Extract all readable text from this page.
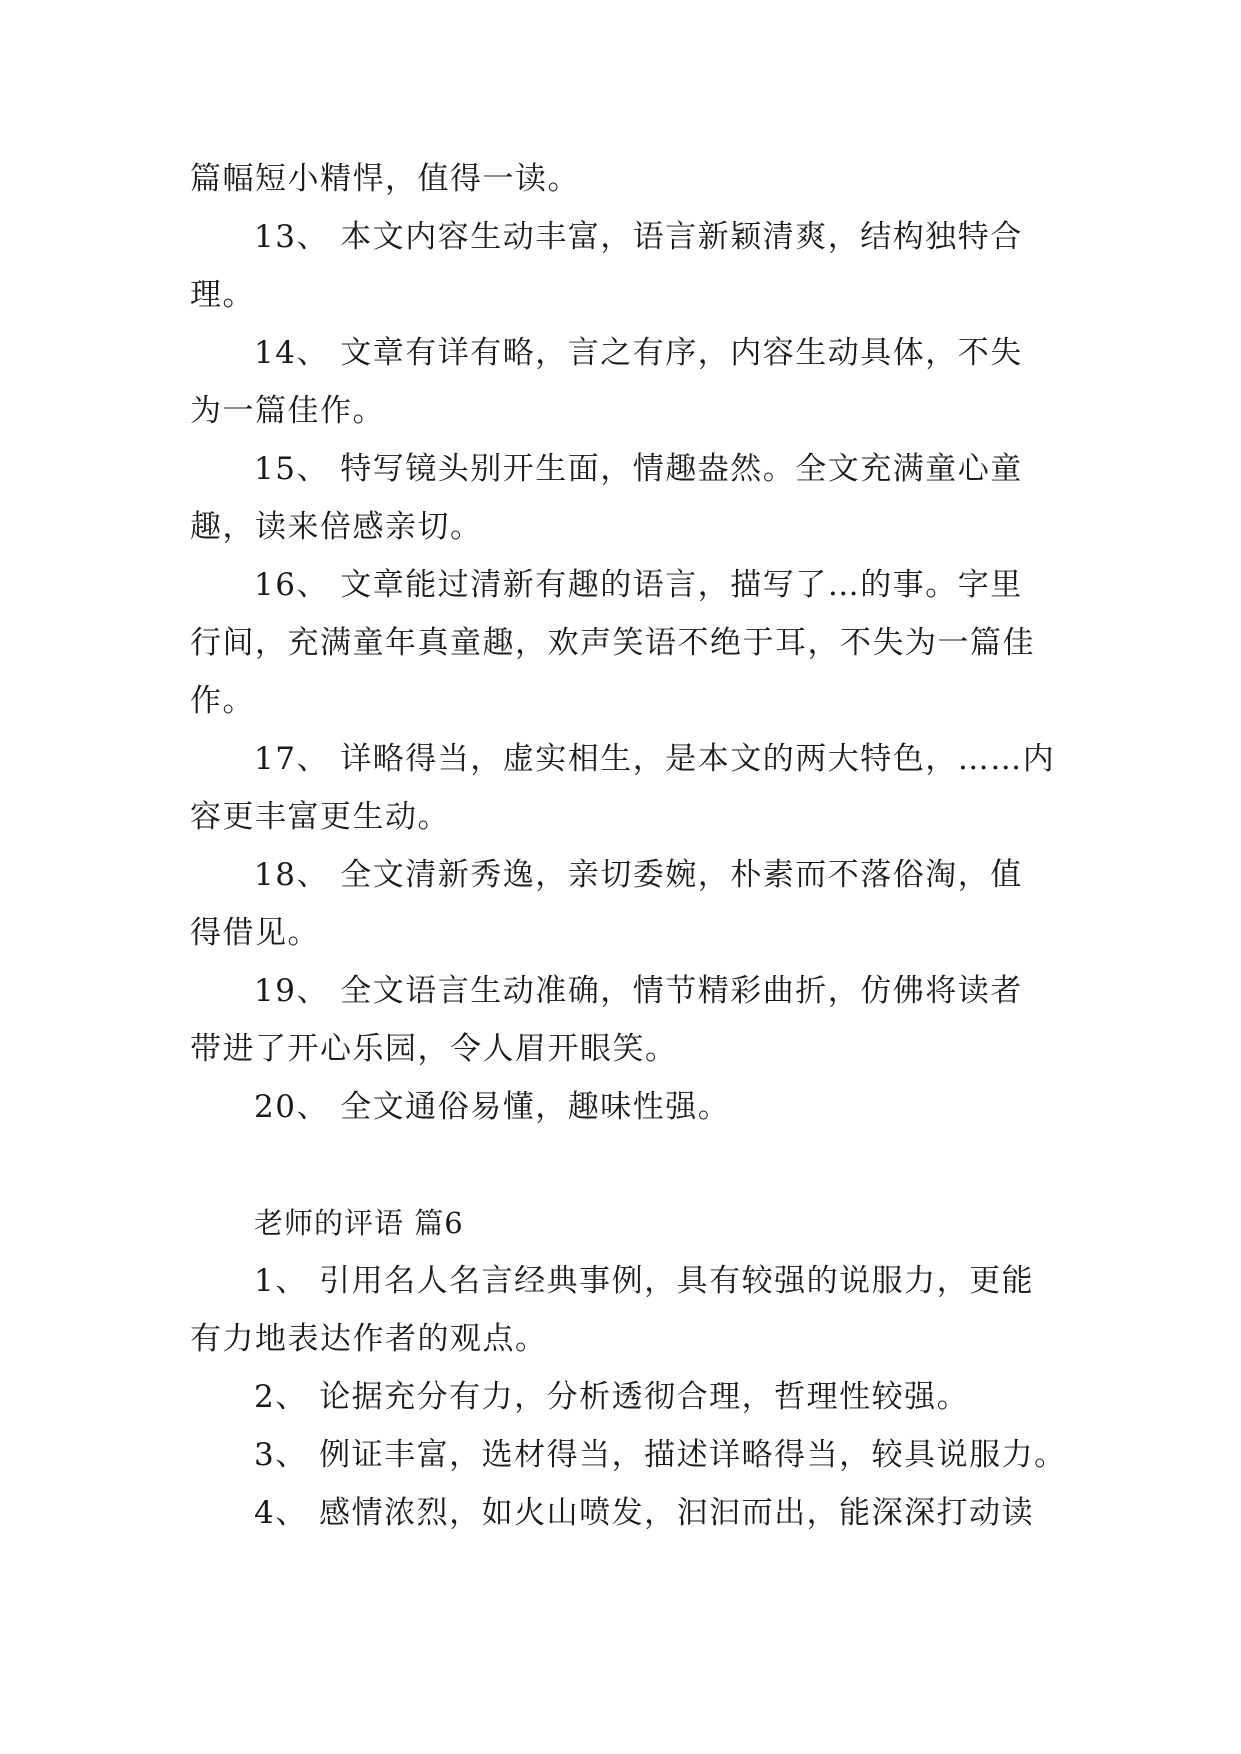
篇幅短小精悍，值得一读。
13、 本文内容生动丰富，语言新颖清爽，结构独特合
理。
14、 文章有详有略，言之有序，内容生动具体，不失
为一篇佳作。
15、 特写镜头别开生面，情趣盎然。全文充满童心童
趣，读来倍感亲切。
16、 文章能过清新有趣的语言，描写了…的事。字里
行间，充满童年真童趣，欢声笑语不绝于耳，不失为一篇佳
作。
17、 详略得当，虚实相生，是本文的两大特色，……内
容更丰富更生动。
18、 全文清新秀逸，亲切委婉，朴素而不落俗淘，值
得借见。
19、 全文语言生动准确，情节精彩曲折，仿佛将读者
带进了开心乐园，令人眉开眼笑。
20、 全文通俗易懂，趣味性强。
老师的评语 篇6
1、 引用名人名言经典事例，具有较强的说服力，更能
有力地表达作者的观点。
2、 论据充分有力，分析透彻合理，哲理性较强。
3、 例证丰富，选材得当，描述详略得当，较具说服力。
4、 感情浓烈，如火山喷发，汩汩而出，能深深打动读
